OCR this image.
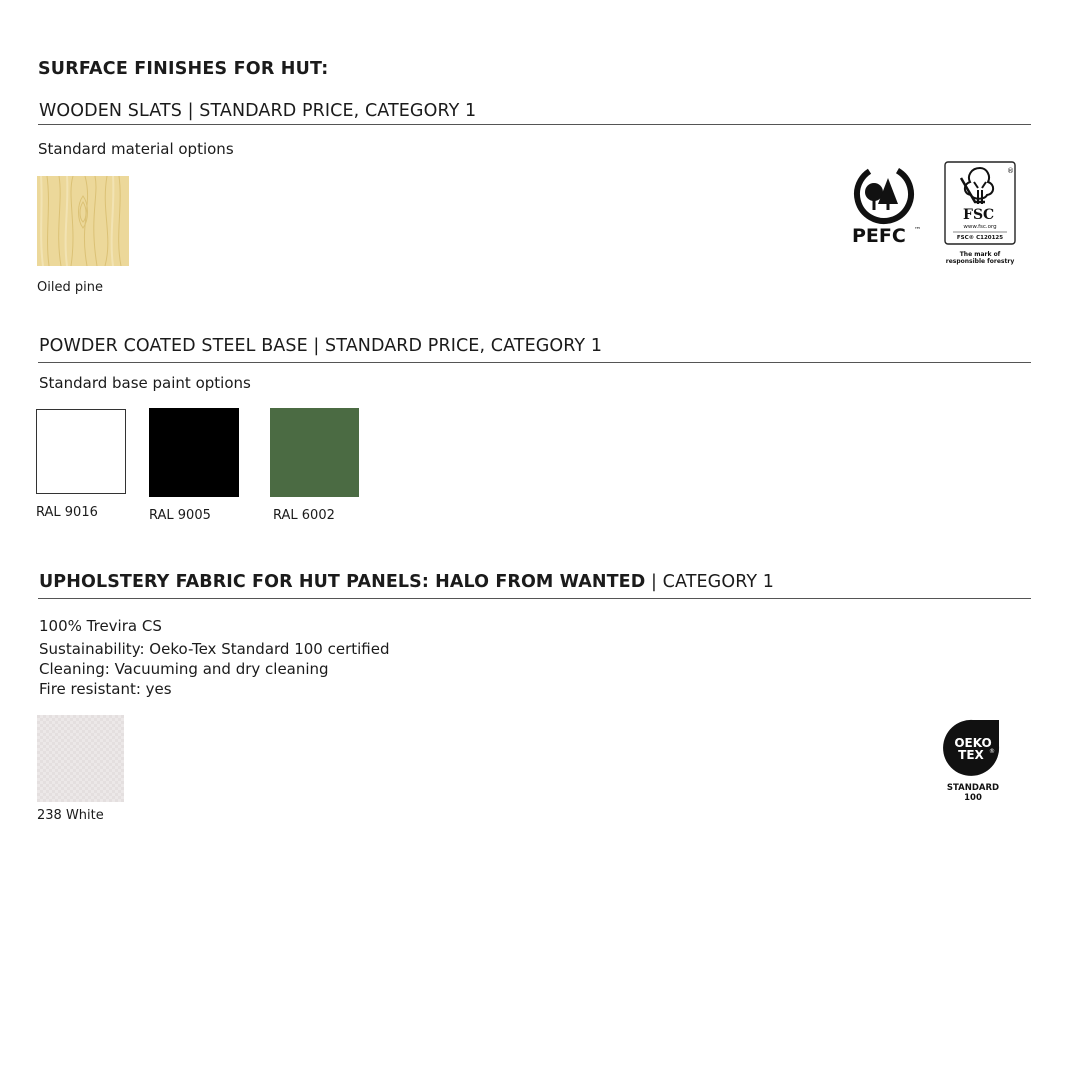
SURFACE FINISHES FOR HUT:
WOODEN SLATS | STANDARD PRICE, CATEGORY 1
Standard material options
Oiled pine
PEFC ™
FSC
®
www.fsc.org
FSC® C120125
The mark of
responsible forestry
POWDER COATED STEEL BASE | STANDARD PRICE, CATEGORY 1
Standard base paint options
RAL 9016	RAL 9005	RAL 6002
UPHOLSTERY FABRIC FOR HUT PANELS: HALO FROM WANTED | CATEGORY 1
100% Trevira CS
Sustainability: Oeko-Tex Standard 100 certified
Cleaning: Vacuuming and dry cleaning
Fire resistant: yes
238 White
OEKO
TEX ®
STANDARD
100
